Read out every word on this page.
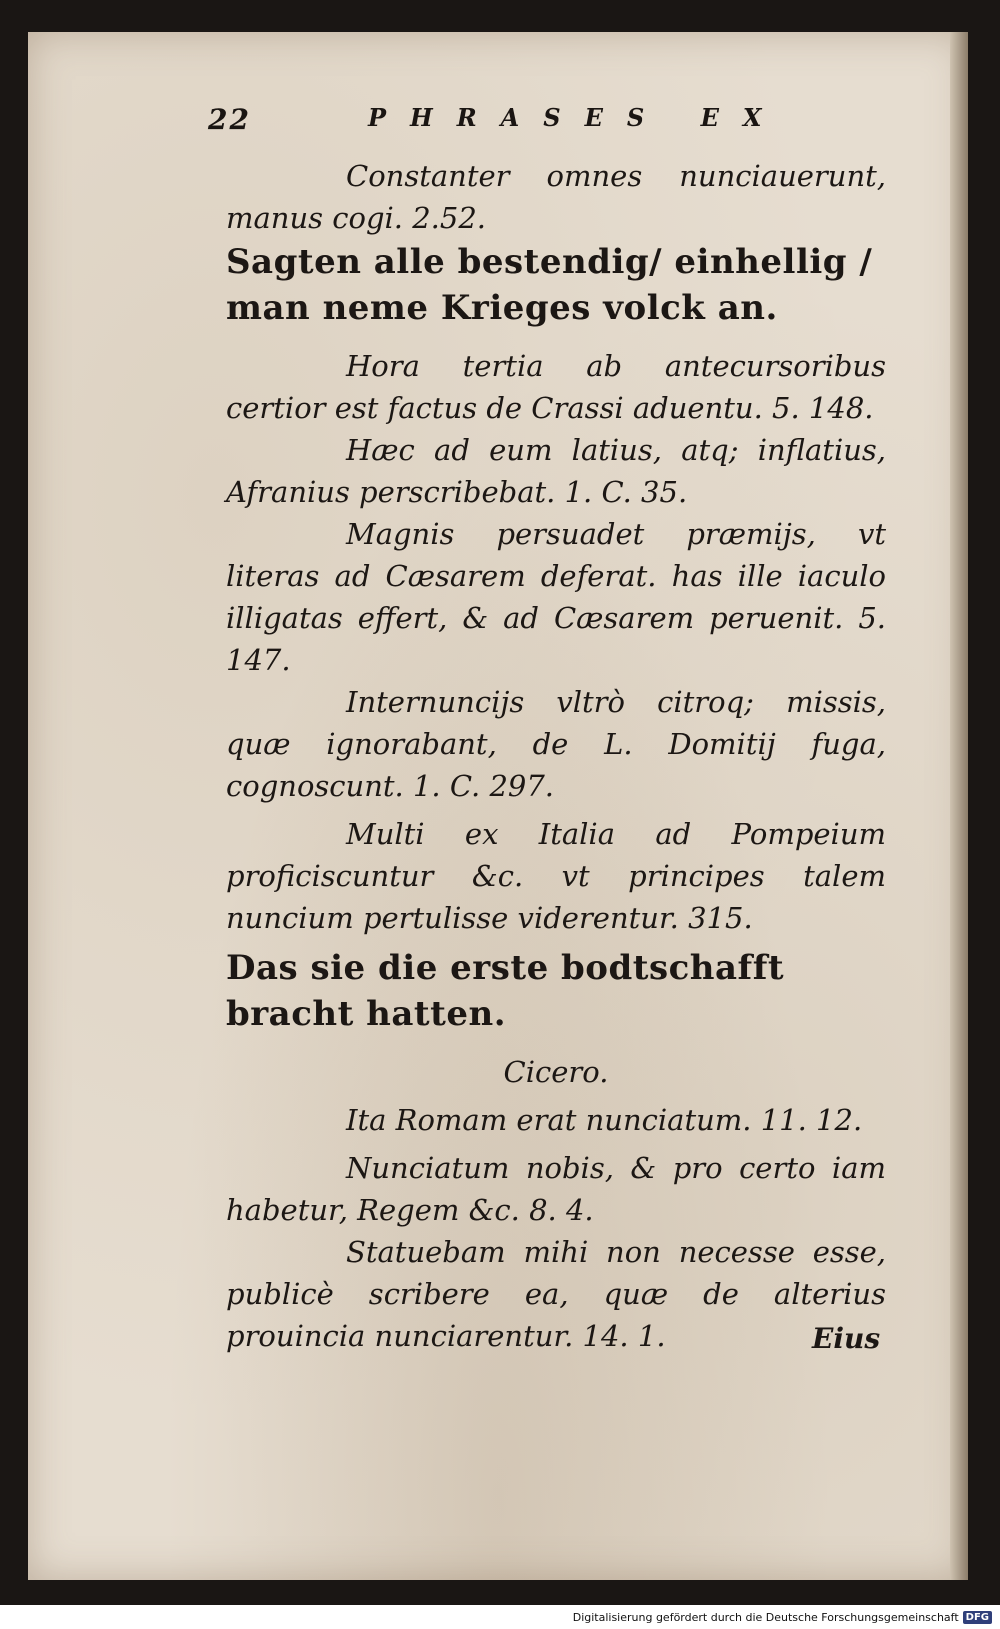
22	PHRASES EX

Constanter omnes nunciauerunt, manus cogi. 2.52.

Sagten alle bestendig/ einhellig / man neme Krieges volck an.

Hora tertia ab antecursoribus certior est factus de Crassi aduentu. 5. 148.

Hæc ad eum latius, atq; inflatius, Afranius perscribebat. 1. C. 35.

Magnis persuadet præmijs, vt literas ad Cæsarem deferat. has ille iaculo illigatas effert, & ad Cæsarem peruenit. 5. 147.

Internuncijs vltrò citroq; missis, quæ ignorabant, de L. Domitij fuga, cognoscunt. 1. C. 297.

Multi ex Italia ad Pompeium proficiscuntur &c. vt principes talem nuncium pertulisse viderentur. 315.

Das sie die erste bodtschafft bracht hatten.

Cicero.

Ita Romam erat nunciatum. 11. 12.

Nunciatum nobis, & pro certo iam habetur, Regem &c. 8. 4.

Statuebam mihi non necesse esse, publicè scribere ea, quæ de alterius prouincia nunciarentur. 14. 1.	Eius
Digitalisierung gefördert durch die Deutsche Forschungsgemeinschaft DFG
